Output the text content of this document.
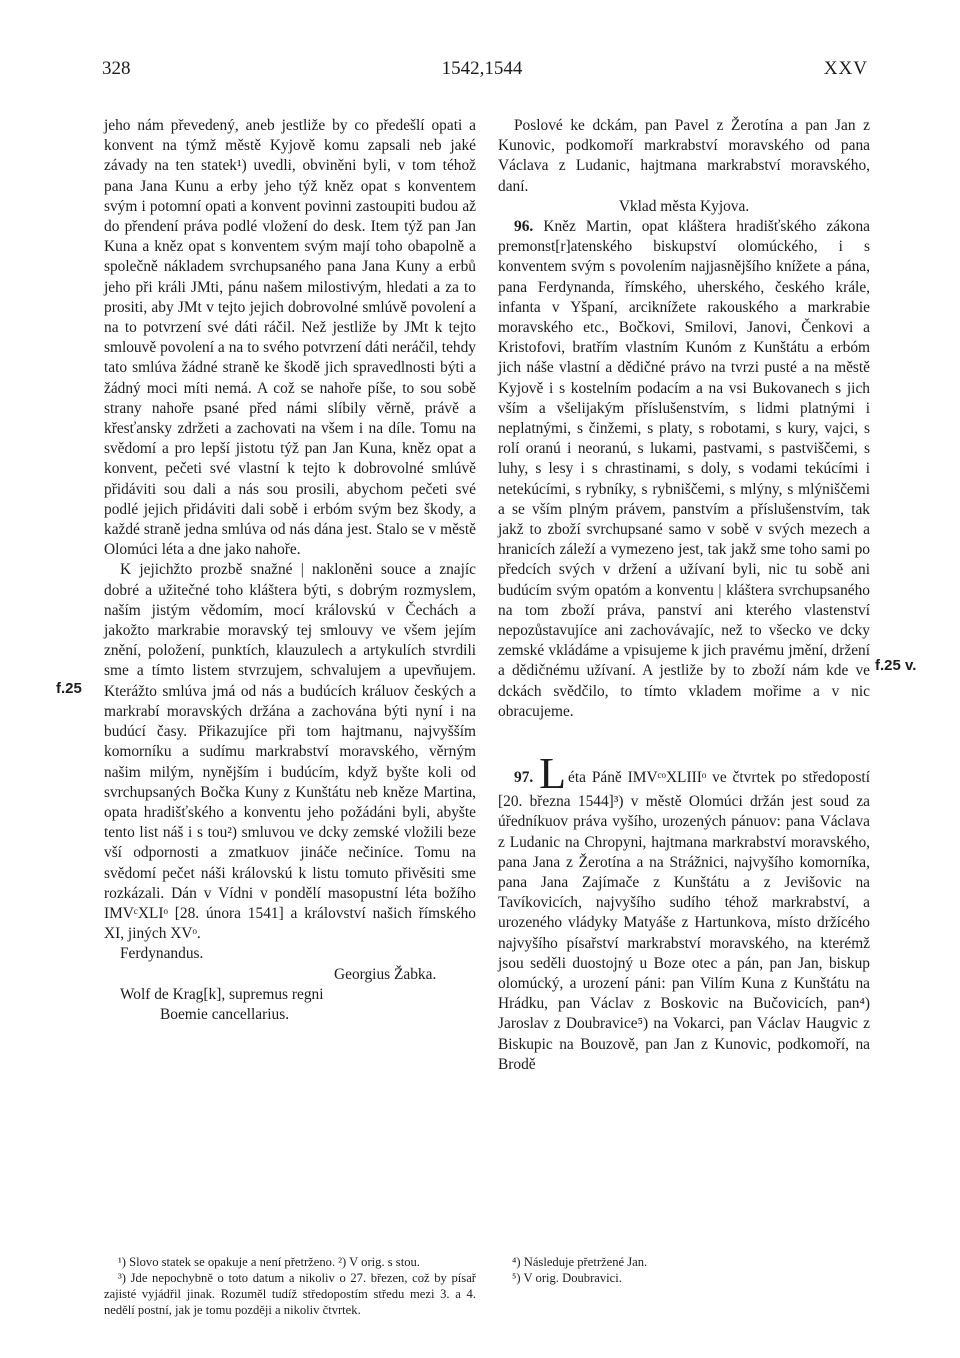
328	1542,1544	XXV
f.25
f.25 v.

jeho nám převedený, aneb jestliže by co předešlí opati a konvent na týmž městě Kyjově komu zapsali neb jaké závady na ten statek¹) uvedli, obviněni byli, v tom téhož pana Jana Kunu a erby jeho týž kněz opat s konventem svým i potomní opati a konvent povinni zastoupiti budou až do přendení práva podlé vložení do desk. Item týž pan Jan Kuna a kněz opat s konventem svým mají toho obapolně a společně nákladem svrchupsaného pana Jana Kuny a erbů jeho při králi JMti, pánu našem milostivým, hledati a za to prositi, aby JMt v tejto jejich dobrovolné smlúvě povolení a na to potvrzení své dáti ráčil. Než jestliže by JMt k tejto smlouvě povolení a na to svého potvrzení dáti neráčil, tehdy tato smlúva žádné straně ke škodě jich spravedlnosti býti a žádný moci míti nemá. A což se nahoře píše, to sou sobě strany nahoře psané před námi slíbily věrně, právě a křesťansky zdržeti a zachovati na všem i na díle. Tomu na svědomí a pro lepší jistotu týž pan Jan Kuna, kněz opat a konvent, pečeti své vlastní k tejto k dobrovolné smlúvě přidáviti sou dali a nás sou prosili, abychom pečeti své podlé jejich přidáviti dali sobě i erbóm svým bez škody, a každé straně jedna smlúva od nás dána jest. Stalo se v městě Olomúci léta a dne jako nahoře.

K jejichžto prozbě snažné | nakloněni souce a znajíc dobré a užitečné toho kláštera býti, s dobrým rozmyslem, naším jistým vědomím, mocí královskú v Čechách a jakožto markrabie moravský tej smlouvy ve všem jejím znění, položení, punktích, klauzulech a artykulích stvrdili sme a tímto listem stvrzujem, schvalujem a upevňujem. Kterážto smlúva jmá od nás a budúcích králuov českých a markrabí moravských držána a zachována býti nyní i na budúcí časy. Přikazujíce při tom hajtmanu, najvyšším komorníku a sudímu markrabství moravského, věrným našim milým, nynějším i budúcím, když byšte koli od svrchupsaných Bočka Kuny z Kunštátu neb kněze Martina, opata hradišťského a konventu jeho požádáni byli, abyšte tento list náš i s tou²) smluvou ve dcky zemské vložili beze vší odpornosti a zmatkuov jináče nečiníce. Tomu na svědomí pečet náši královskú k listu tomuto přivěsiti sme rozkázali. Dán v Vídni v pondělí masopustní léta božího IMVᶜXLIᵒ [28. února 1541] a království našich římského XI, jiných XVᵒ.

Ferdynandus.

Georgius Žabka.

Wolf de Krag[k], supremus regni

Boemie cancellarius.

Poslové ke dckám, pan Pavel z Žerotína a pan Jan z Kunovic, podkomoří markrabství moravského od pana Václava z Ludanic, hajtmana markrabství moravského, daní.

Vklad města Kyjova.

96. Kněz Martin, opat kláštera hradišťského zákona premonst[r]atenského biskupství olomúckého, i s konventem svým s povolením najjasnějšího knížete a pána, pana Ferdynanda, římského, uherského, českého krále, infanta v Yšpaní, arciknížete rakouského a markrabie moravského etc., Bočkovi, Smilovi, Janovi, Čenkovi a Kristofovi, bratřím vlastním Kunóm z Kunštátu a erbóm jich náše vlastní a dědičné právo na tvrzi pusté a na městě Kyjově i s kostelním podacím a na vsi Bukovanech s jich vším a všelijakým příslušenstvím, s lidmi platnými i neplatnými, s činžemi, s platy, s robotami, s kury, vajci, s rolí oranú i neoranú, s lukami, pastvami, s pastviščemi, s luhy, s lesy i s chrastinami, s doly, s vodami tekúcími i netekúcími, s rybníky, s rybniščemi, s mlýny, s mlýniščemi a se vším plným právem, panstvím a příslušenstvím, tak jakž to zboží svrchupsané samo v sobě v svých mezech a hranicích záleží a vymezeno jest, tak jakž sme toho sami po předcích svých v držení a užívaní byli, nic tu sobě ani budúcím svým opatóm a konventu | kláštera svrchupsaného na tom zboží práva, panství ani kterého vlastenství nepozůstavujíce ani zachovávajíc, než to všecko ve dcky zemské vkládáme a vpisujeme k jich pravému jmění, držení a dědičnému užívaní. A jestliže by to zboží nám kde ve dckách svědčilo, to tímto vkladem mořime a v nic obracujeme.

97. L éta Páně IMVᶜᵒXLIIIᵒ ve čtvrtek po středopostí [20. března 1544]³) v městě Olomúci držán jest soud za úředníkuov práva vyšího, urozených pánuov: pana Václava z Ludanic na Chropyni, hajtmana markrabství moravského, pana Jana z Žerotína a na Strážnici, najvyšího komorníka, pana Jana Zajímače z Kunštátu a z Jevišovic na Tavíkovicích, najvyšího sudího téhož markrabství, a urozeného vládyky Matyáše z Hartunkova, místo držícého najvyšího písařství markrabství moravského, na kterémž jsou seděli duostojný u Boze otec a pán, pan Jan, biskup olomúcký, a urození páni: pan Vilím Kuna z Kunštátu na Hrádku, pan Václav z Boskovic na Bučovicích, pan⁴) Jaroslav z Doubravice⁵) na Vokarci, pan Václav Haugvic z Biskupic na Bouzově, pan Jan z Kunovic, podkomoří, na Brodě

¹) Slovo statek se opakuje a není přetrženo. ²) V orig. s stou.

³) Jde nepochybně o toto datum a nikoliv o 27. březen, což by písař zajisté vyjádřil jinak. Rozuměl tudíž středopostím středu mezi 3. a 4. nedělí postní, jak je tomu později a nikoliv čtvrtek.

⁴) Následuje přetržené Jan.

⁵) V orig. Doubravici.
